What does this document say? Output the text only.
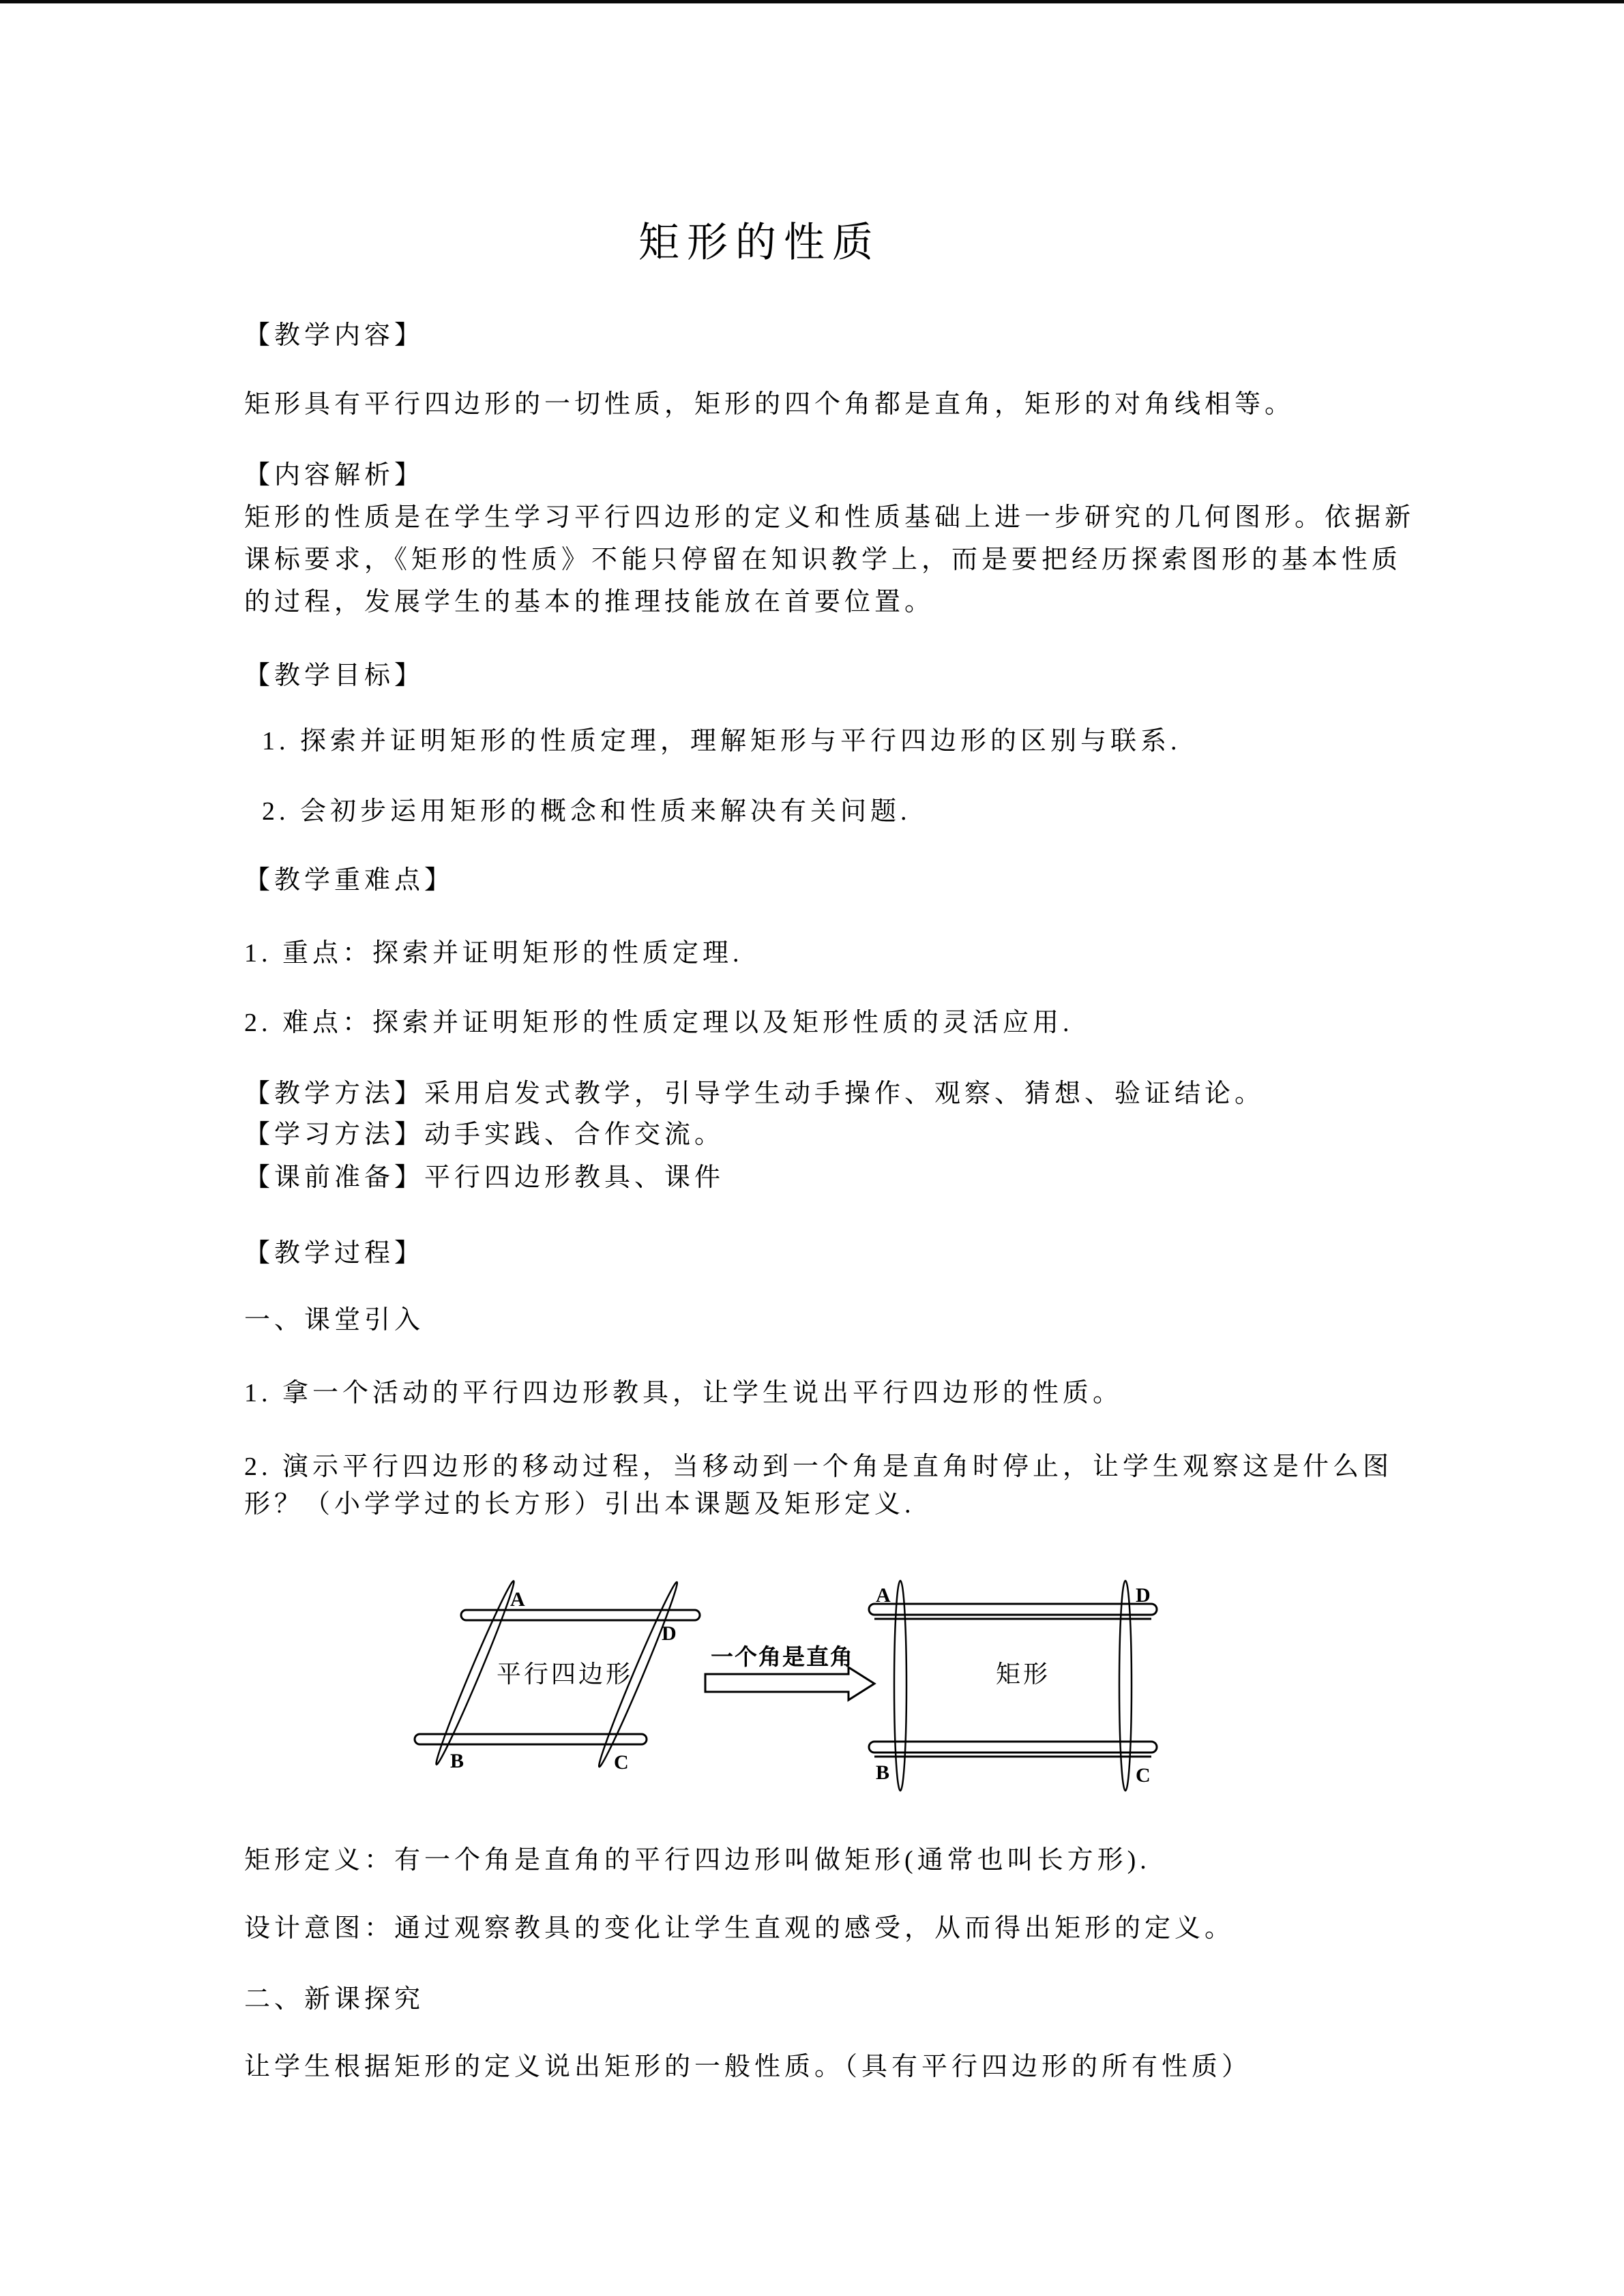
矩形的性质
【教学内容】
矩形具有平行四边形的一切性质，矩形的四个角都是直角，矩形的对角线相等。
【内容解析】
矩形的性质是在学生学习平行四边形的定义和性质基础上进一步研究的几何图形。依据新
课标要求，《矩形的性质》不能只停留在知识教学上，而是要把经历探索图形的基本性质
的过程，发展学生的基本的推理技能放在首要位置。
【教学目标】
1. 探索并证明矩形的性质定理，理解矩形与平行四边形的区别与联系.
2. 会初步运用矩形的概念和性质来解决有关问题.
【教学重难点】
1. 重点：探索并证明矩形的性质定理.
2. 难点：探索并证明矩形的性质定理以及矩形性质的灵活应用.
【教学方法】采用启发式教学，引导学生动手操作、观察、猜想、验证结论。
【学习方法】动手实践、合作交流。
【课前准备】平行四边形教具、课件
【教学过程】
一、课堂引入
1. 拿一个活动的平行四边形教具，让学生说出平行四边形的性质。
2. 演示平行四边形的移动过程，当移动到一个角是直角时停止，让学生观察这是什么图
形？（小学学过的长方形）引出本课题及矩形定义.
A
D
B	C
平行四边形
一个角是直角
A	D
B	C
矩形
矩形定义：有一个角是直角的平行四边形叫做矩形(通常也叫长方形).
设计意图：通过观察教具的变化让学生直观的感受，从而得出矩形的定义。
二、新课探究
让学生根据矩形的定义说出矩形的一般性质。（具有平行四边形的所有性质）
